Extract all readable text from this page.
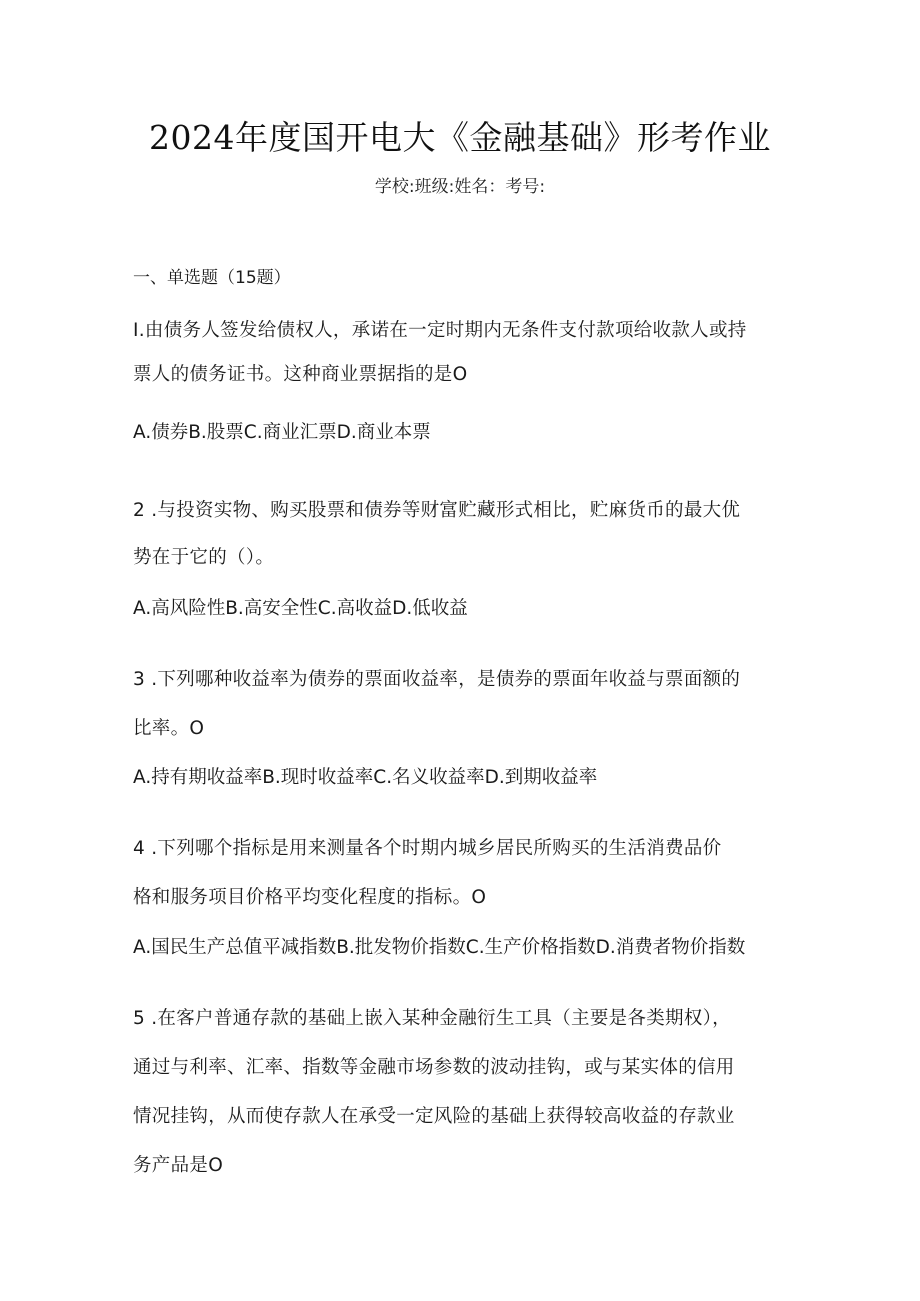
2024年度国开电大《金融基础》形考作业
学校:班级:姓名：考号:
一、单选题（15题）
I.由债务人签发给债权人，承诺在一定时期内无条件支付款项给收款人或持
票人的债务证书。这种商业票据指的是O
A.债券B.股票C.商业汇票D.商业本票
2 .与投资实物、购买股票和债券等财富贮藏形式相比，贮麻货币的最大优
势在于它的（）。
A.高风险性B.高安全性C.高收益D.低收益
3 .下列哪种收益率为债券的票面收益率，是债券的票面年收益与票面额的
比率。O
A.持有期收益率B.现时收益率C.名义收益率D.到期收益率
4 .下列哪个指标是用来测量各个时期内城乡居民所购买的生活消费品价
格和服务项目价格平均变化程度的指标。O
A.国民生产总值平减指数B.批发物价指数C.生产价格指数D.消费者物价指数
5 .在客户普通存款的基础上嵌入某种金融衍生工具（主要是各类期权），
通过与利率、汇率、指数等金融市场参数的波动挂钩，或与某实体的信用
情况挂钩，从而使存款人在承受一定风险的基础上获得较高收益的存款业
务产品是O
